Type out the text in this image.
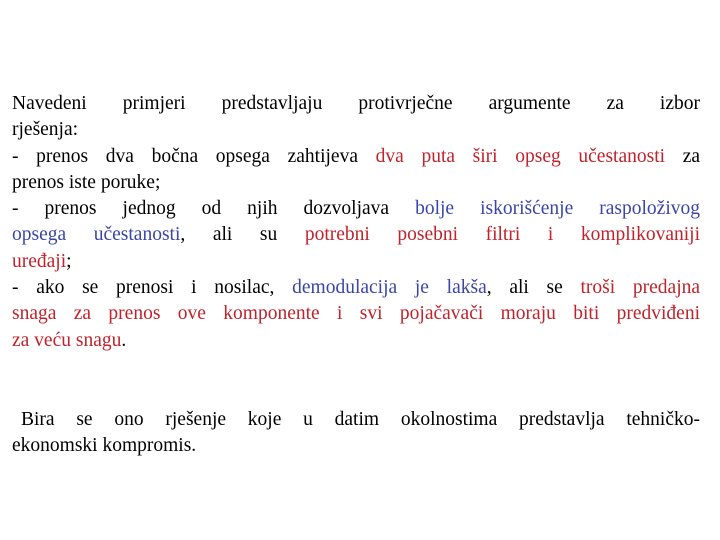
Navedeni primjeri predstavljaju protivrječne argumente za izbor
rješenja:
- prenos dva bočna opsega zahtijeva dva puta širi opseg učestanosti za
prenos iste poruke;
- prenos jednog od njih dozvoljava bolje iskorišćenje raspoloživog
opsega učestanosti, ali su potrebni posebni filtri i komplikovaniji
uređaji;
- ako se prenosi i nosilac, demodulacija je lakša, ali se troši predajna
snaga za prenos ove komponente i svi pojačavači moraju biti predviđeni
za veću snagu.
Bira se ono rješenje koje u datim okolnostima predstavlja tehničko-
ekonomski kompromis.
